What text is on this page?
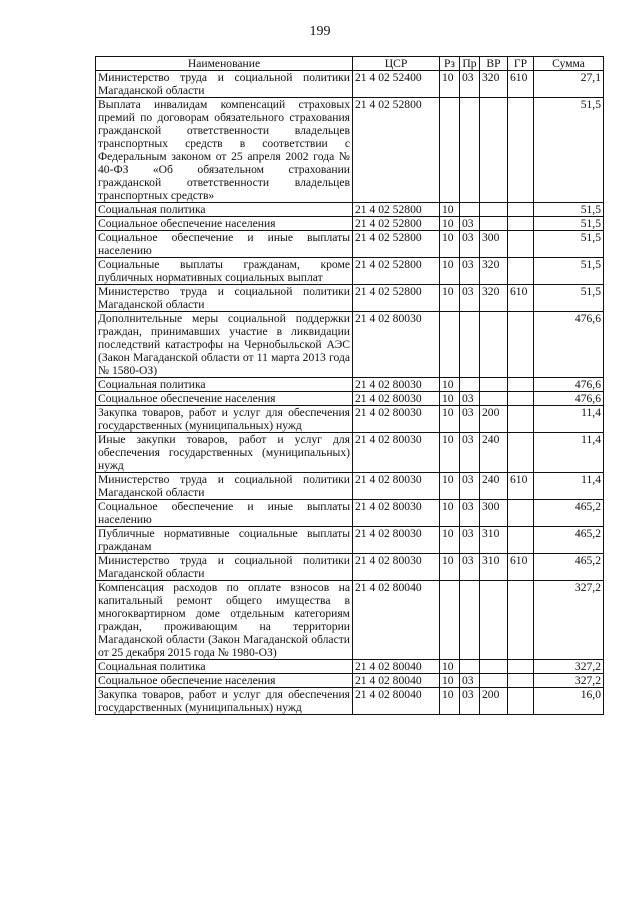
199
Наименование	ЦСР	Рз	Пр	ВР	ГР	Сумма
Министерство труда и социальной политики Магаданской области	21 4 02 52400	10	03	320	610	27,1

Выплата инвалидам компенсаций страховых премий по договорам обязательного страхования гражданской ответственности владельцев транспортных средств в соответствии с Федеральным законом от 25 апреля 2002 года № 40-ФЗ «Об обязательном страховании гражданской ответственности владельцев транспортных средств»	21 4 02 52800					51,5

Социальная политика	21 4 02 52800	10				51,5

Социальное обеспечение населения	21 4 02 52800	10	03			51,5

Социальное обеспечение и иные выплаты населению	21 4 02 52800	10	03	300		51,5

Социальные выплаты гражданам, кроме публичных нормативных социальных выплат	21 4 02 52800	10	03	320		51,5

Министерство труда и социальной политики Магаданской области	21 4 02 52800	10	03	320	610	51,5

Дополнительные меры социальной поддержки граждан, принимавших участие в ликвидации последствий катастрофы на Чернобыльской АЭС (Закон Магаданской области от 11 марта 2013 года № 1580-ОЗ)	21 4 02 80030					476,6

Социальная политика	21 4 02 80030	10				476,6

Социальное обеспечение населения	21 4 02 80030	10	03			476,6

Закупка товаров, работ и услуг для обеспечения государственных (муниципальных) нужд	21 4 02 80030	10	03	200		11,4

Иные закупки товаров, работ и услуг для обеспечения государственных (муниципальных) нужд	21 4 02 80030	10	03	240		11,4

Министерство труда и социальной политики Магаданской области	21 4 02 80030	10	03	240	610	11,4

Социальное обеспечение и иные выплаты населению	21 4 02 80030	10	03	300		465,2

Публичные нормативные социальные выплаты гражданам	21 4 02 80030	10	03	310		465,2

Министерство труда и социальной политики Магаданской области	21 4 02 80030	10	03	310	610	465,2

Компенсация расходов по оплате взносов на капитальный ремонт общего имущества в многоквартирном доме отдельным категориям граждан, проживающим на территории Магаданской области (Закон Магаданской области от 25 декабря 2015 года № 1980-ОЗ)	21 4 02 80040					327,2

Социальная политика	21 4 02 80040	10				327,2

Социальное обеспечение населения	21 4 02 80040	10	03			327,2

Закупка товаров, работ и услуг для обеспечения государственных (муниципальных) нужд	21 4 02 80040	10	03	200		16,0
